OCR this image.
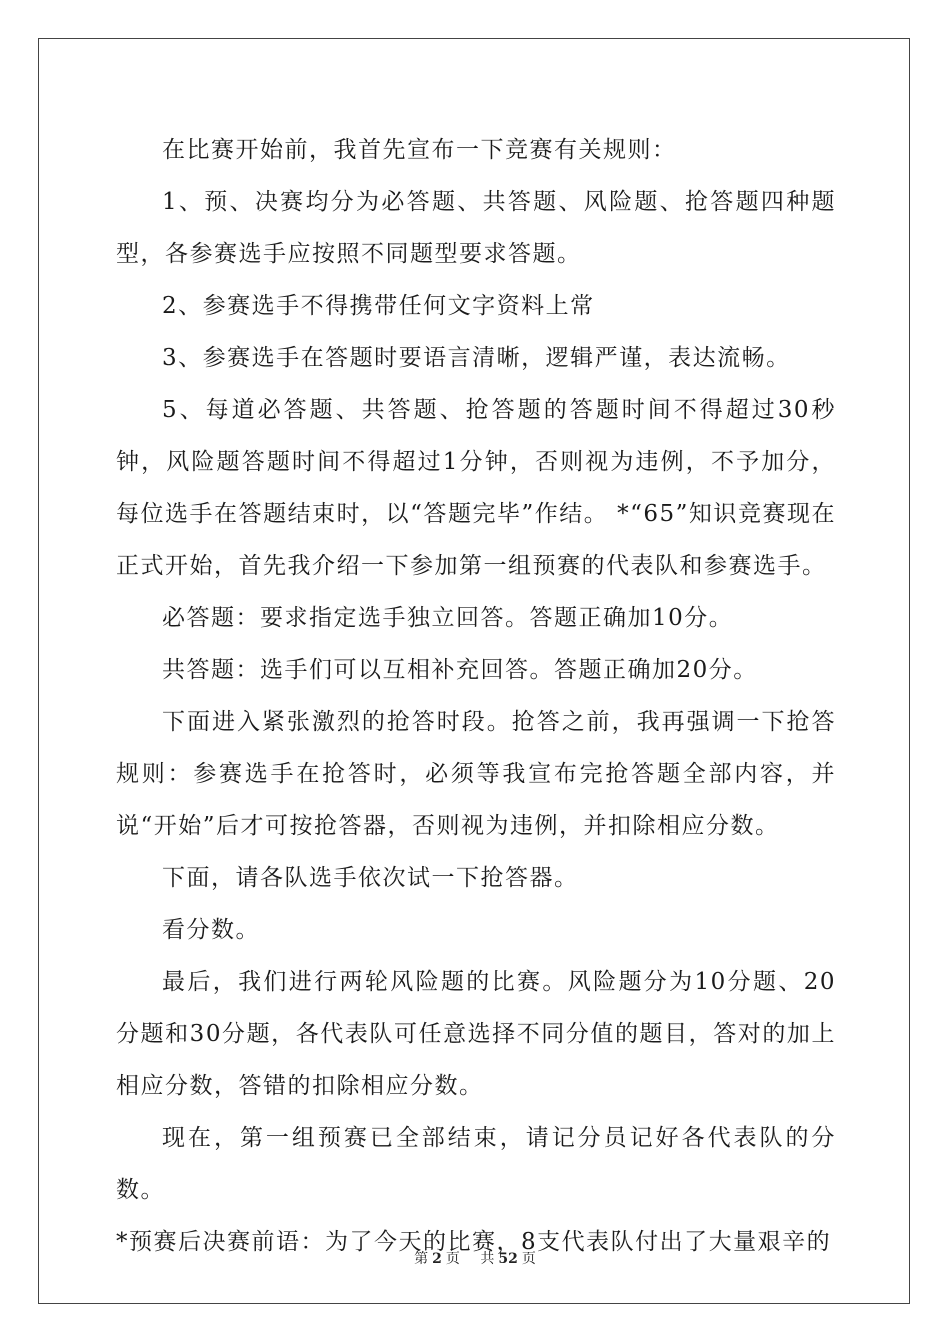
在比赛开始前，我首先宣布一下竞赛有关规则：

1、预、决赛均分为必答题、共答题、风险题、抢答题四种题型，各参赛选手应按照不同题型要求答题。

2、参赛选手不得携带任何文字资料上常

3、参赛选手在答题时要语言清晰，逻辑严谨，表达流畅。

5、每道必答题、共答题、抢答题的答题时间不得超过30秒钟，风险题答题时间不得超过1分钟，否则视为违例，不予加分，每位选手在答题结束时，以“答题完毕”作结。 *“65”知识竞赛现在正式开始，首先我介绍一下参加第一组预赛的代表队和参赛选手。

必答题：要求指定选手独立回答。答题正确加10分。

共答题：选手们可以互相补充回答。答题正确加20分。

下面进入紧张激烈的抢答时段。抢答之前，我再强调一下抢答规则：参赛选手在抢答时，必须等我宣布完抢答题全部内容，并说“开始”后才可按抢答器，否则视为违例，并扣除相应分数。

下面，请各队选手依次试一下抢答器。

看分数。

最后，我们进行两轮风险题的比赛。风险题分为10分题、20分题和30分题，各代表队可任意选择不同分值的题目，答对的加上相应分数，答错的扣除相应分数。

现在，第一组预赛已全部结束，请记分员记好各代表队的分数。

*预赛后决赛前语：为了今天的比赛，8支代表队付出了大量艰辛的

第 2 页 共 52 页
